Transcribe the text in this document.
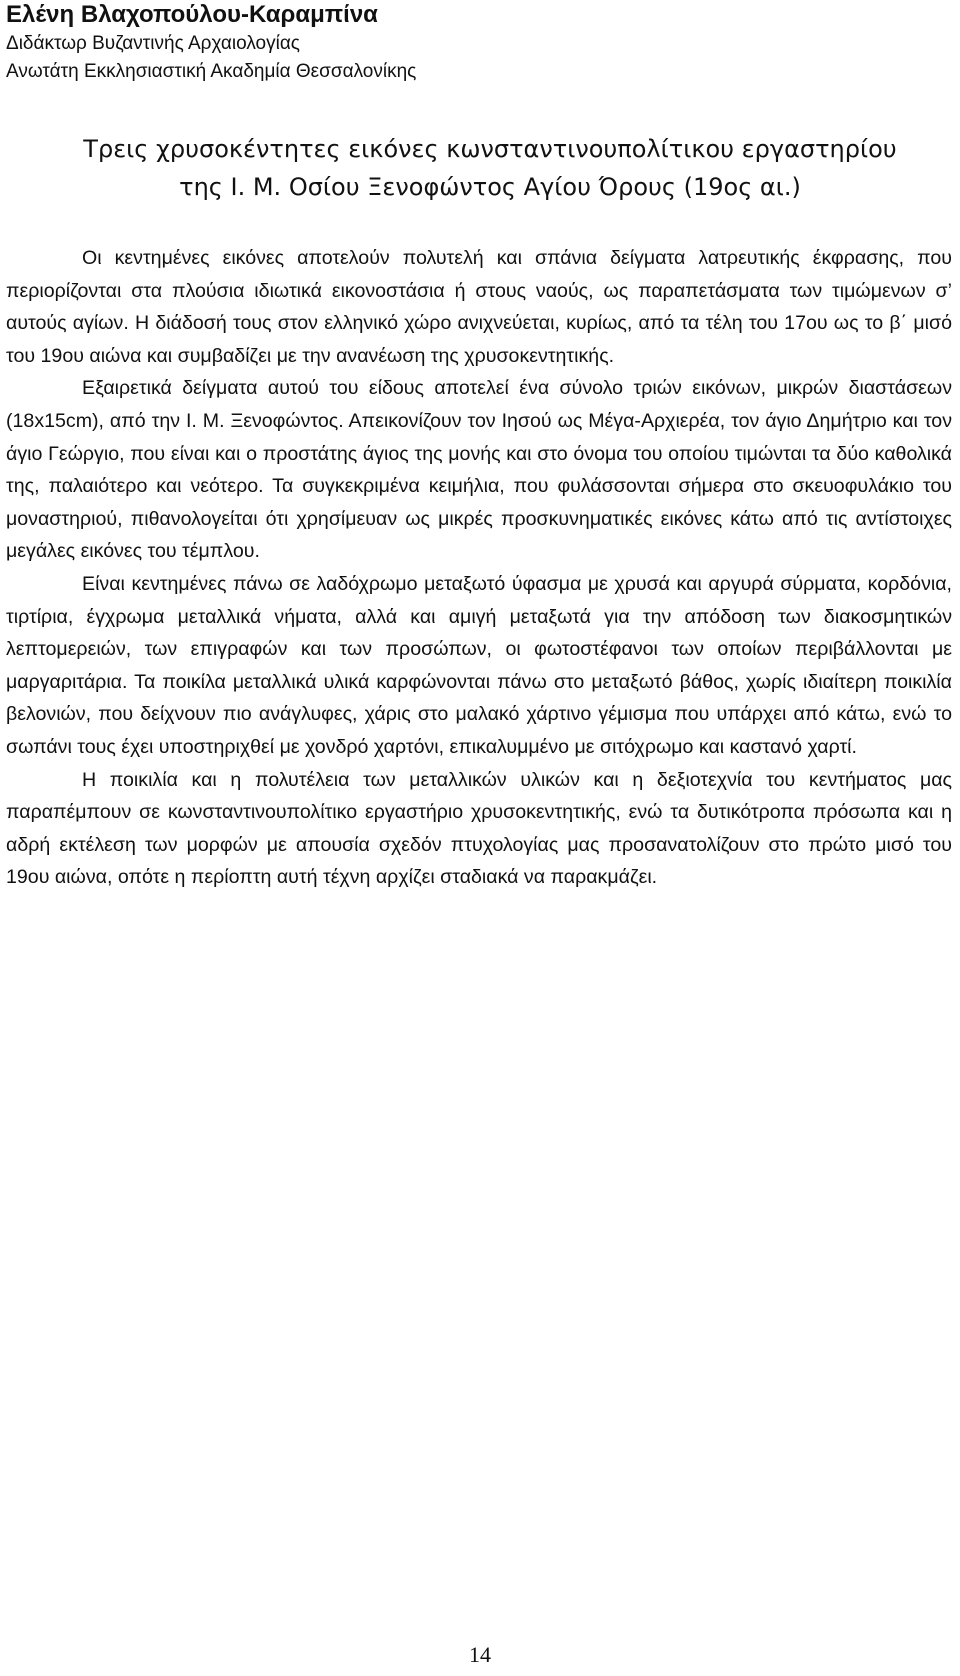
Ελένη Βλαχοπούλου-Καραμπίνα

Διδάκτωρ Βυζαντινής Αρχαιολογίας

Ανωτάτη Εκκλησιαστική Ακαδημία Θεσσαλονίκης

Τρεις χρυσοκέντητες εικόνες κωνσταντινουπολίτικου εργαστηρίου
της Ι. Μ. Οσίου Ξενοφώντος Αγίου Όρους (19ος αι.)

Οι κεντημένες εικόνες αποτελούν πολυτελή και σπάνια δείγματα λατρευτικής έκφρασης, που περιορίζονται στα πλούσια ιδιωτικά εικονοστάσια ή στους ναούς, ως παραπετάσματα των τιμώμενων σ’ αυτούς αγίων. Η διάδοσή τους στον ελληνικό χώρο ανιχνεύεται, κυρίως, από τα τέλη του 17ου ως το β΄ μισό του 19ου αιώνα και συμβαδίζει με την ανανέωση της χρυσοκεντητικής.

Εξαιρετικά δείγματα αυτού του είδους αποτελεί ένα σύνολο τριών εικόνων, μικρών διαστάσεων (18x15cm), από την Ι. Μ. Ξενοφώντος. Απεικονίζουν τον Ιησού ως Μέγα-Αρχιερέα, τον άγιο Δημήτριο και τον άγιο Γεώργιο, που είναι και ο προστάτης άγιος της μονής και στο όνομα του οποίου τιμώνται τα δύο καθολικά της, παλαιότερο και νεότερο. Τα συγκεκριμένα κειμήλια, που φυλάσσονται σήμερα στο σκευοφυλάκιο του μοναστηριού, πιθανολογείται ότι χρησίμευαν ως μικρές προσκυνηματικές εικόνες κάτω από τις αντίστοιχες μεγάλες εικόνες του τέμπλου.

Είναι κεντημένες πάνω σε λαδόχρωμο μεταξωτό ύφασμα με χρυσά και αργυρά σύρματα, κορδόνια, τιρτίρια, έγχρωμα μεταλλικά νήματα, αλλά και αμιγή μεταξωτά για την απόδοση των διακοσμητικών λεπτομερειών, των επιγραφών και των προσώπων, οι φωτοστέφανοι των οποίων περιβάλλονται με μαργαριτάρια. Τα ποικίλα μεταλλικά υλικά καρφώνονται πάνω στο μεταξωτό βάθος, χωρίς ιδιαίτερη ποικιλία βελονιών, που δείχνουν πιο ανάγλυφες, χάρις στο μαλακό χάρτινο γέμισμα που υπάρχει από κάτω, ενώ το σωπάνι τους έχει υποστηριχθεί με χονδρό χαρτόνι, επικαλυμμένο με σιτόχρωμο και καστανό χαρτί.

Η ποικιλία και η πολυτέλεια των μεταλλικών υλικών και η δεξιοτεχνία του κεντήματος μας παραπέμπουν σε κωνσταντινουπολίτικο εργαστήριο χρυσοκεντητικής, ενώ τα δυτικότροπα πρόσωπα και η αδρή εκτέλεση των μορφών με απουσία σχεδόν πτυχολογίας μας προσανατολίζουν στο πρώτο μισό του 19ου αιώνα, οπότε η περίοπτη αυτή τέχνη αρχίζει σταδιακά να παρακμάζει.

14
